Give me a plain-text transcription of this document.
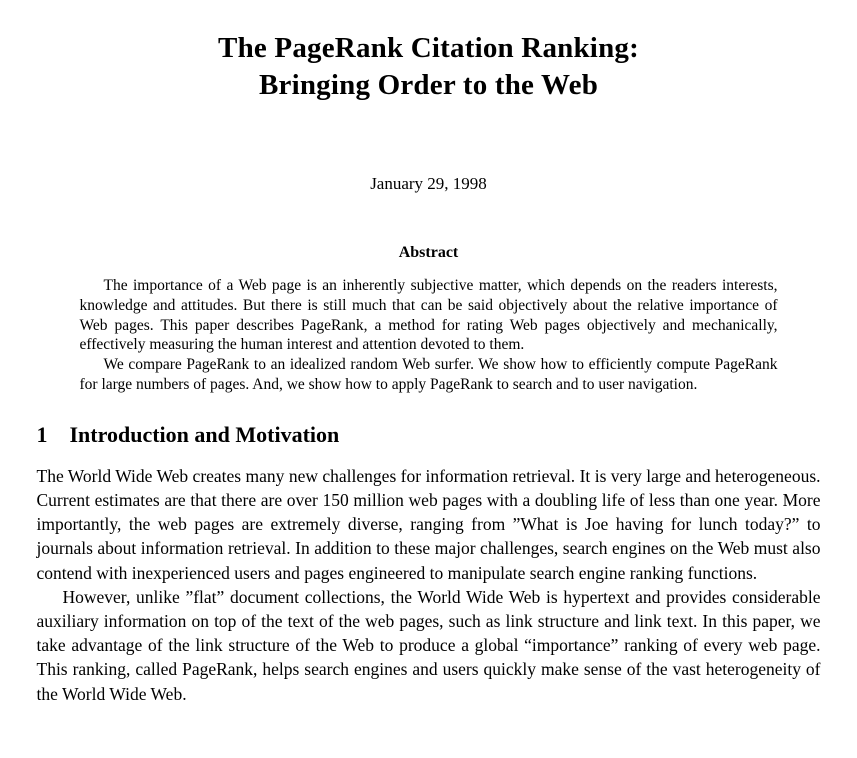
The PageRank Citation Ranking:
Bringing Order to the Web
January 29, 1998
Abstract

The importance of a Web page is an inherently subjective matter, which depends on the readers interests, knowledge and attitudes. But there is still much that can be said objectively about the relative importance of Web pages. This paper describes PageRank, a method for rating Web pages objectively and mechanically, effectively measuring the human interest and attention devoted to them.

We compare PageRank to an idealized random Web surfer. We show how to efficiently compute PageRank for large numbers of pages. And, we show how to apply PageRank to search and to user navigation.

1 Introduction and Motivation

The World Wide Web creates many new challenges for information retrieval. It is very large and heterogeneous. Current estimates are that there are over 150 million web pages with a doubling life of less than one year. More importantly, the web pages are extremely diverse, ranging from ”What is Joe having for lunch today?” to journals about information retrieval. In addition to these major challenges, search engines on the Web must also contend with inexperienced users and pages engineered to manipulate search engine ranking functions.

However, unlike ”flat” document collections, the World Wide Web is hypertext and provides considerable auxiliary information on top of the text of the web pages, such as link structure and link text. In this paper, we take advantage of the link structure of the Web to produce a global “importance” ranking of every web page. This ranking, called PageRank, helps search engines and users quickly make sense of the vast heterogeneity of the World Wide Web.
